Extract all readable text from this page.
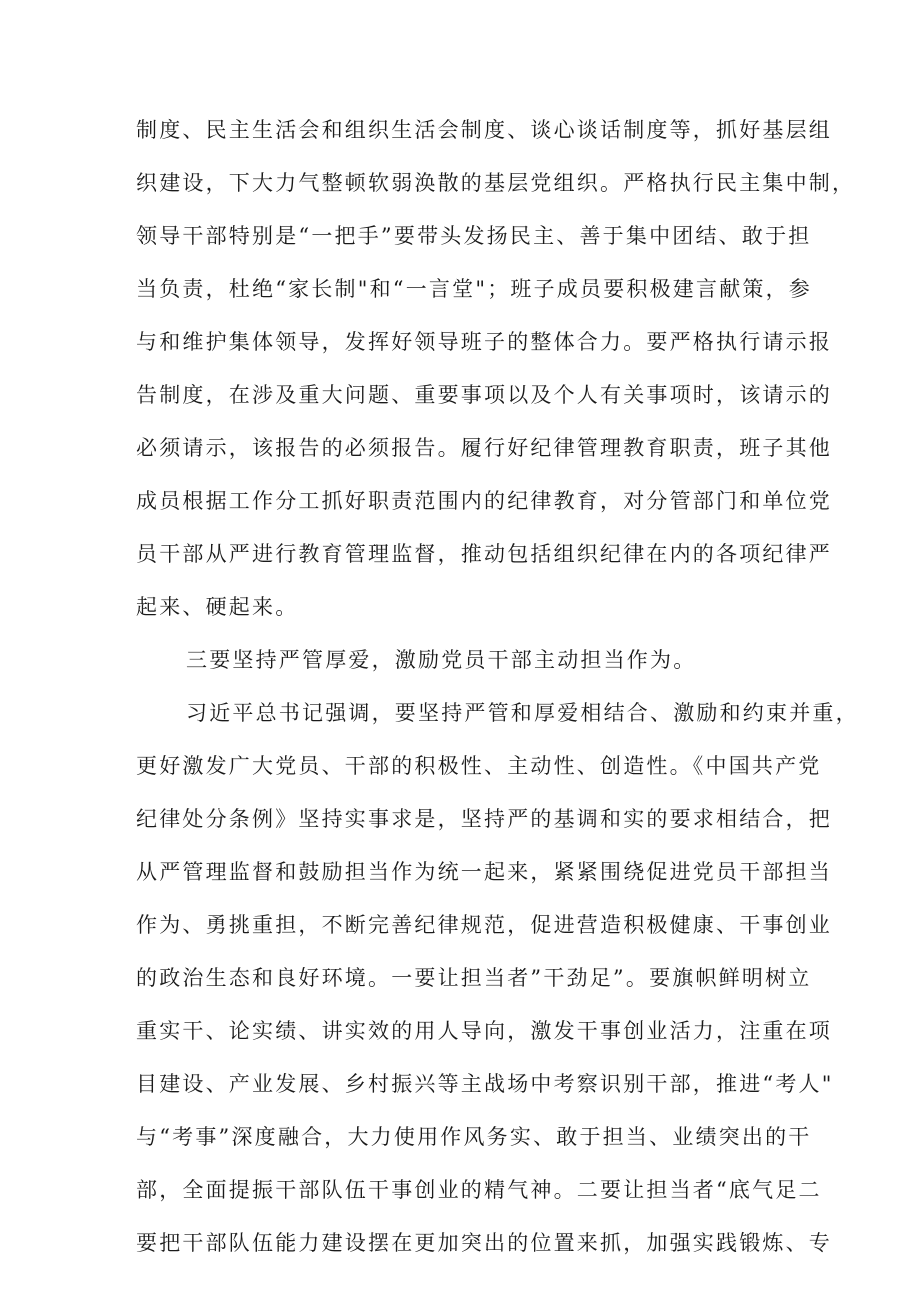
制度、民主生活会和组织生活会制度、谈心谈话制度等，抓好基层组
织建设，下大力气整顿软弱涣散的基层党组织。严格执行民主集中制，
领导干部特别是“一把手”要带头发扬民主、善于集中团结、敢于担
当负责，杜绝“家长制"和“一言堂"；班子成员要积极建言献策，参
与和维护集体领导，发挥好领导班子的整体合力。要严格执行请示报
告制度，在涉及重大问题、重要事项以及个人有关事项时，该请示的
必须请示，该报告的必须报告。履行好纪律管理教育职责，班子其他
成员根据工作分工抓好职责范围内的纪律教育，对分管部门和单位党
员干部从严进行教育管理监督，推动包括组织纪律在内的各项纪律严
起来、硬起来。
三要坚持严管厚爱，激励党员干部主动担当作为。
习近平总书记强调，要坚持严管和厚爱相结合、激励和约束并重，
更好激发广大党员、干部的积极性、主动性、创造性。《中国共产党
纪律处分条例》坚持实事求是，坚持严的基调和实的要求相结合，把
从严管理监督和鼓励担当作为统一起来，紧紧围绕促进党员干部担当
作为、勇挑重担，不断完善纪律规范，促进营造积极健康、干事创业
的政治生态和良好环境。一要让担当者”干劲足”。要旗帜鲜明树立
重实干、论实绩、讲实效的用人导向，激发干事创业活力，注重在项
目建设、产业发展、乡村振兴等主战场中考察识别干部，推进“考人"
与“考事”深度融合，大力使用作风务实、敢于担当、业绩突出的干
部，全面提振干部队伍干事创业的精气神。二要让担当者“底气足二
要把干部队伍能力建设摆在更加突出的位置来抓，加强实践锻炼、专
